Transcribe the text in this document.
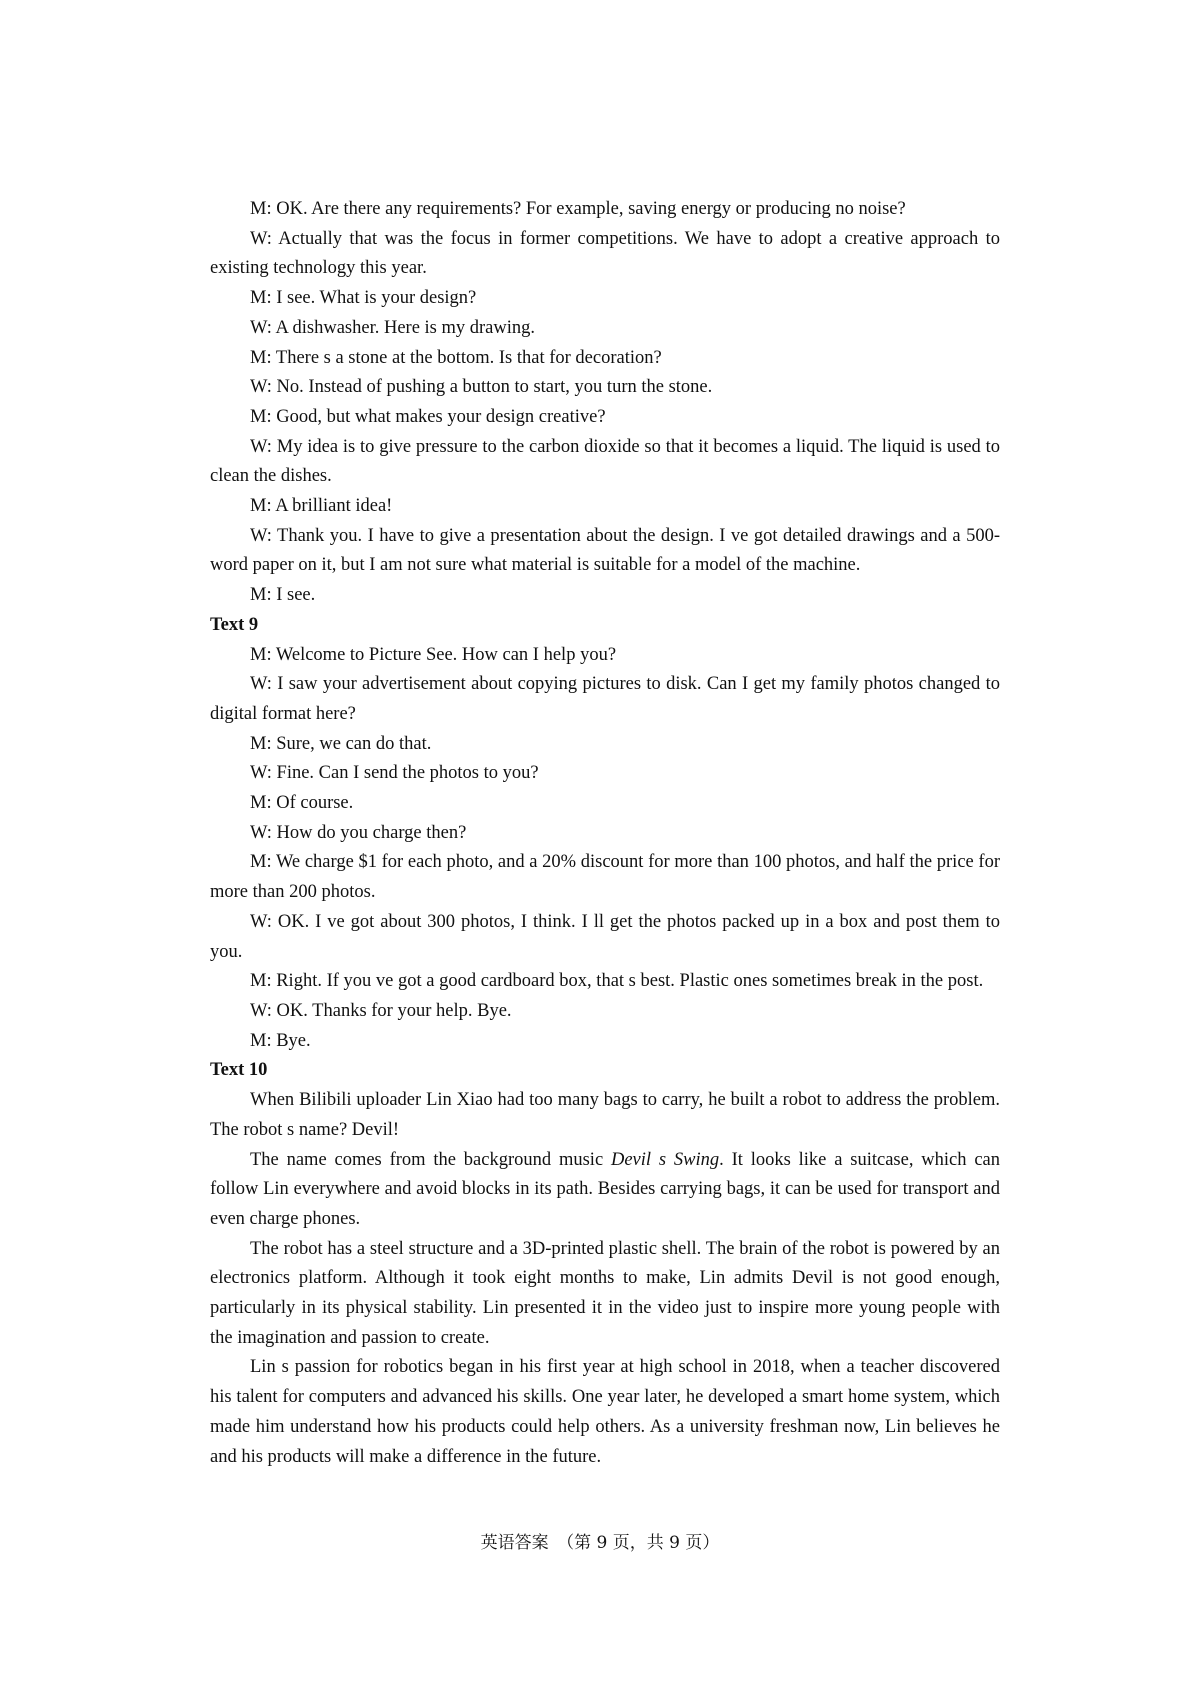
M: OK. Are there any requirements? For example, saving energy or producing no noise?

W: Actually that was the focus in former competitions. We have to adopt a creative approach to existing technology this year.

M: I see. What is your design?

W: A dishwasher. Here is my drawing.

M: There s a stone at the bottom. Is that for decoration?

W: No. Instead of pushing a button to start, you turn the stone.

M: Good, but what makes your design creative?

W: My idea is to give pressure to the carbon dioxide so that it becomes a liquid. The liquid is used to clean the dishes.

M: A brilliant idea!

W: Thank you. I have to give a presentation about the design. I ve got detailed drawings and a 500-word paper on it, but I am not sure what material is suitable for a model of the machine.

M: I see.

Text 9

M: Welcome to Picture See. How can I help you?

W: I saw your advertisement about copying pictures to disk. Can I get my family photos changed to digital format here?

M: Sure, we can do that.

W: Fine. Can I send the photos to you?

M: Of course.

W: How do you charge then?

M: We charge $1 for each photo, and a 20% discount for more than 100 photos, and half the price for more than 200 photos.

W: OK. I ve got about 300 photos, I think. I ll get the photos packed up in a box and post them to you.

M: Right. If you ve got a good cardboard box, that s best. Plastic ones sometimes break in the post.

W: OK. Thanks for your help. Bye.

M: Bye.

Text 10

When Bilibili uploader Lin Xiao had too many bags to carry, he built a robot to address the problem. The robot s name? Devil!

The name comes from the background music Devil s Swing. It looks like a suitcase, which can follow Lin everywhere and avoid blocks in its path. Besides carrying bags, it can be used for transport and even charge phones.

The robot has a steel structure and a 3D-printed plastic shell. The brain of the robot is powered by an electronics platform. Although it took eight months to make, Lin admits Devil is not good enough, particularly in its physical stability. Lin presented it in the video just to inspire more young people with the imagination and passion to create.

Lin s passion for robotics began in his first year at high school in 2018, when a teacher discovered his talent for computers and advanced his skills. One year later, he developed a smart home system, which made him understand how his products could help others. As a university freshman now, Lin believes he and his products will make a difference in the future.

英语答案　（第 9 页，共 9 页）
